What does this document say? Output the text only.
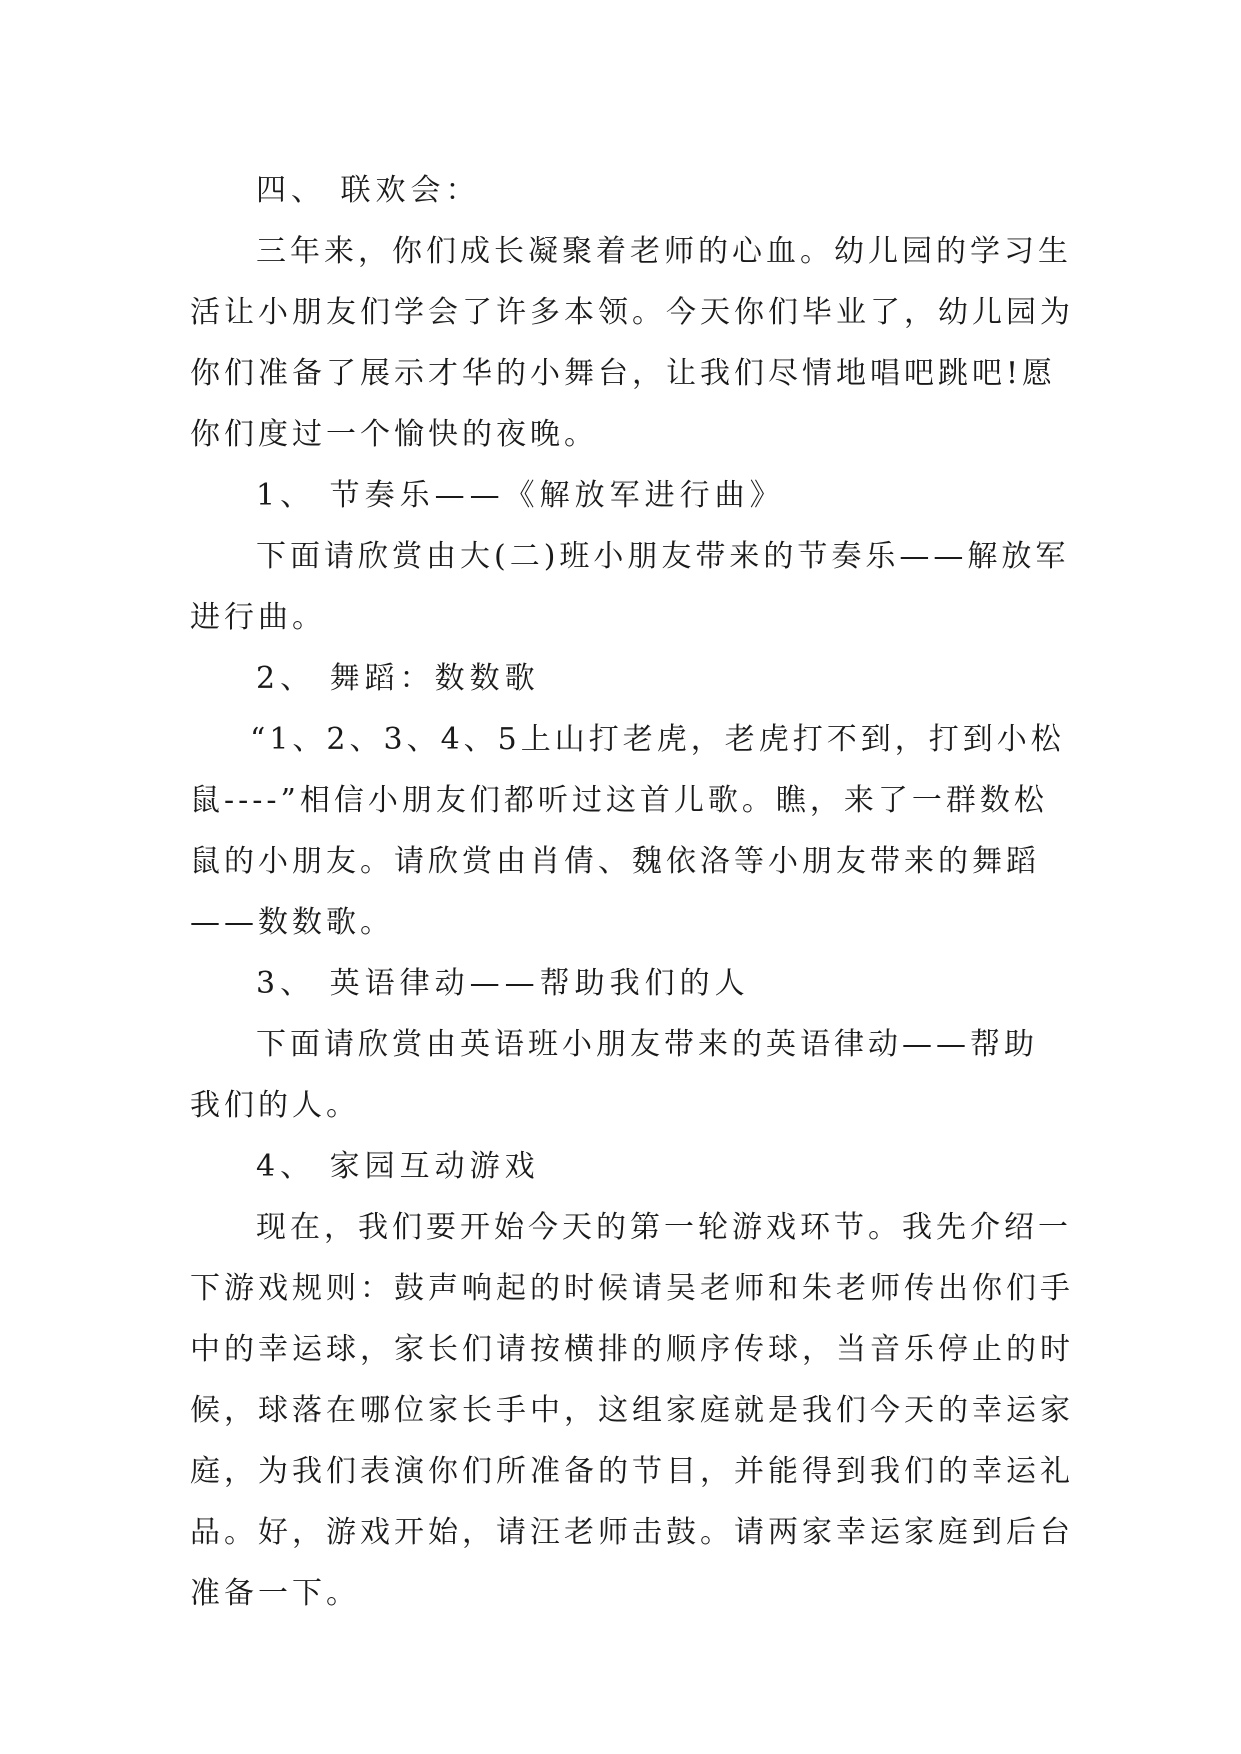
四、 联欢会：
三年来，你们成长凝聚着老师的心血。幼儿园的学习生
活让小朋友们学会了许多本领。今天你们毕业了，幼儿园为
你们准备了展示才华的小舞台，让我们尽情地唱吧跳吧!愿
你们度过一个愉快的夜晚。
1、 节奏乐——《解放军进行曲》
下面请欣赏由大(二)班小朋友带来的节奏乐——解放军
进行曲。
2、 舞蹈：数数歌
“1、2、3、4、5上山打老虎，老虎打不到，打到小松
鼠----”相信小朋友们都听过这首儿歌。瞧，来了一群数松
鼠的小朋友。请欣赏由肖倩、魏依洛等小朋友带来的舞蹈
——数数歌。
3、 英语律动——帮助我们的人
下面请欣赏由英语班小朋友带来的英语律动——帮助
我们的人。
4、 家园互动游戏
现在，我们要开始今天的第一轮游戏环节。我先介绍一
下游戏规则：鼓声响起的时候请吴老师和朱老师传出你们手
中的幸运球，家长们请按横排的顺序传球，当音乐停止的时
候，球落在哪位家长手中，这组家庭就是我们今天的幸运家
庭，为我们表演你们所准备的节目，并能得到我们的幸运礼
品。好，游戏开始，请汪老师击鼓。请两家幸运家庭到后台
准备一下。
